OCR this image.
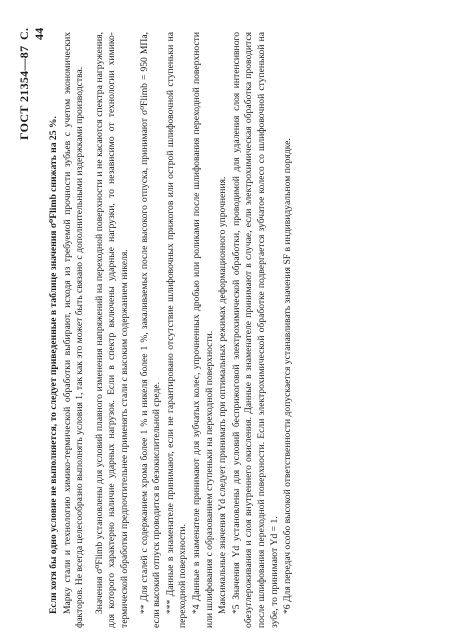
ГОСТ 21354—87
С. 44

Если хотя бы одно условие не выполняется, то следует приведенные в таблице значения σ⁰Flimb снижать на 25 %. Марку стали и технологию химико-термической обработки выбирают, исходя из требуемой прочности зубьев с учетом экономических факторов. Не всегда целесообразно выполнять условия 1, так как это может быть связано с дополнительными издержками производства. Значения σ⁰Flimb установлены для условий плавного изменения напряжений на переходной поверхности и не касаются спектра нагружения, для которого характерно наличие ударных нагрузок. Если в спектр включены ударные нагрузки, то независимо от технологии химико-термической обработки предпочтительнее применять стали с высоким содержанием никеля. ** Для сталей с содержанием хрома более 1 % и никеля более 1 %, закаливаемых после высокого отпуска, принимают σ⁰Flimb = 950 МПа, если высокий отпуск проводится в безокислительной среде. *** Данные в знаменателе принимают, если не гарантировано отсутствие шлифовочных прижогов или острой шлифовочной ступеньки на переходной поверхности. *4 Данные в знаменателе принимают для зубчатых колес, упрочненных дробью или роликами после шлифования переходной поверхности или шлифования с образованием ступеньки на переходной поверхности. Максимальные значения Yd следует принимать при оптимальных режимах деформационного упрочнения. *5 Значения Yd установлены для условий бесприжоговой электрохимической обработки, проводимой для удаления слоя интенсивного обезуглероживания и слоя внутреннего окисления. Данные в знаменателе принимают в случае, если электрохимическая обработка проводится после шлифования переходной поверхности. Если электрохимической обработке подвергается зубчатое колесо со шлифовочной ступенькой на зубе, то принимают Yd = 1. *6 Для передач особо высокой ответственности допускается устанавливать значения SF в индивидуальном порядке.
